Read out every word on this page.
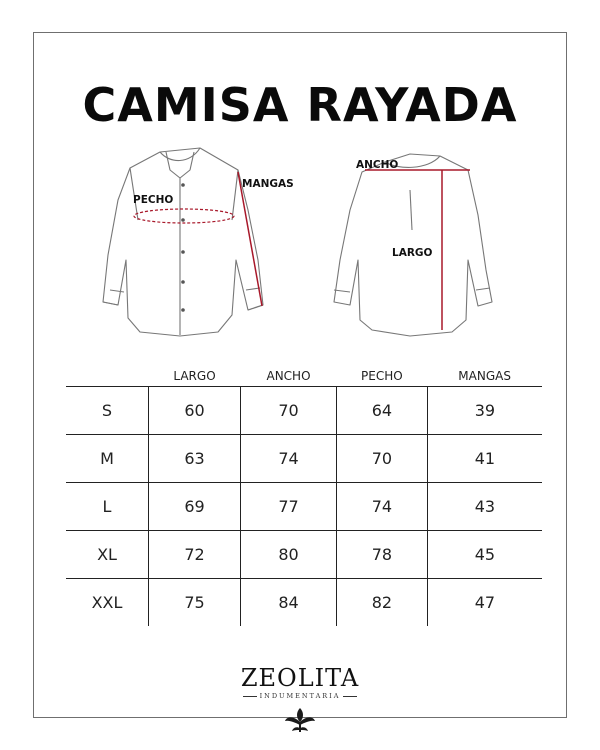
CAMISA RAYADA
PECHO
MANGAS
ANCHO
LARGO
	LARGO	ANCHO	PECHO	MANGAS
S	60	70	64	39
M	63	74	70	41
L	69	77	74	43
XL	72	80	78	45
XXL	75	84	82	47
ZEOLITA
INDUMENTARIA
